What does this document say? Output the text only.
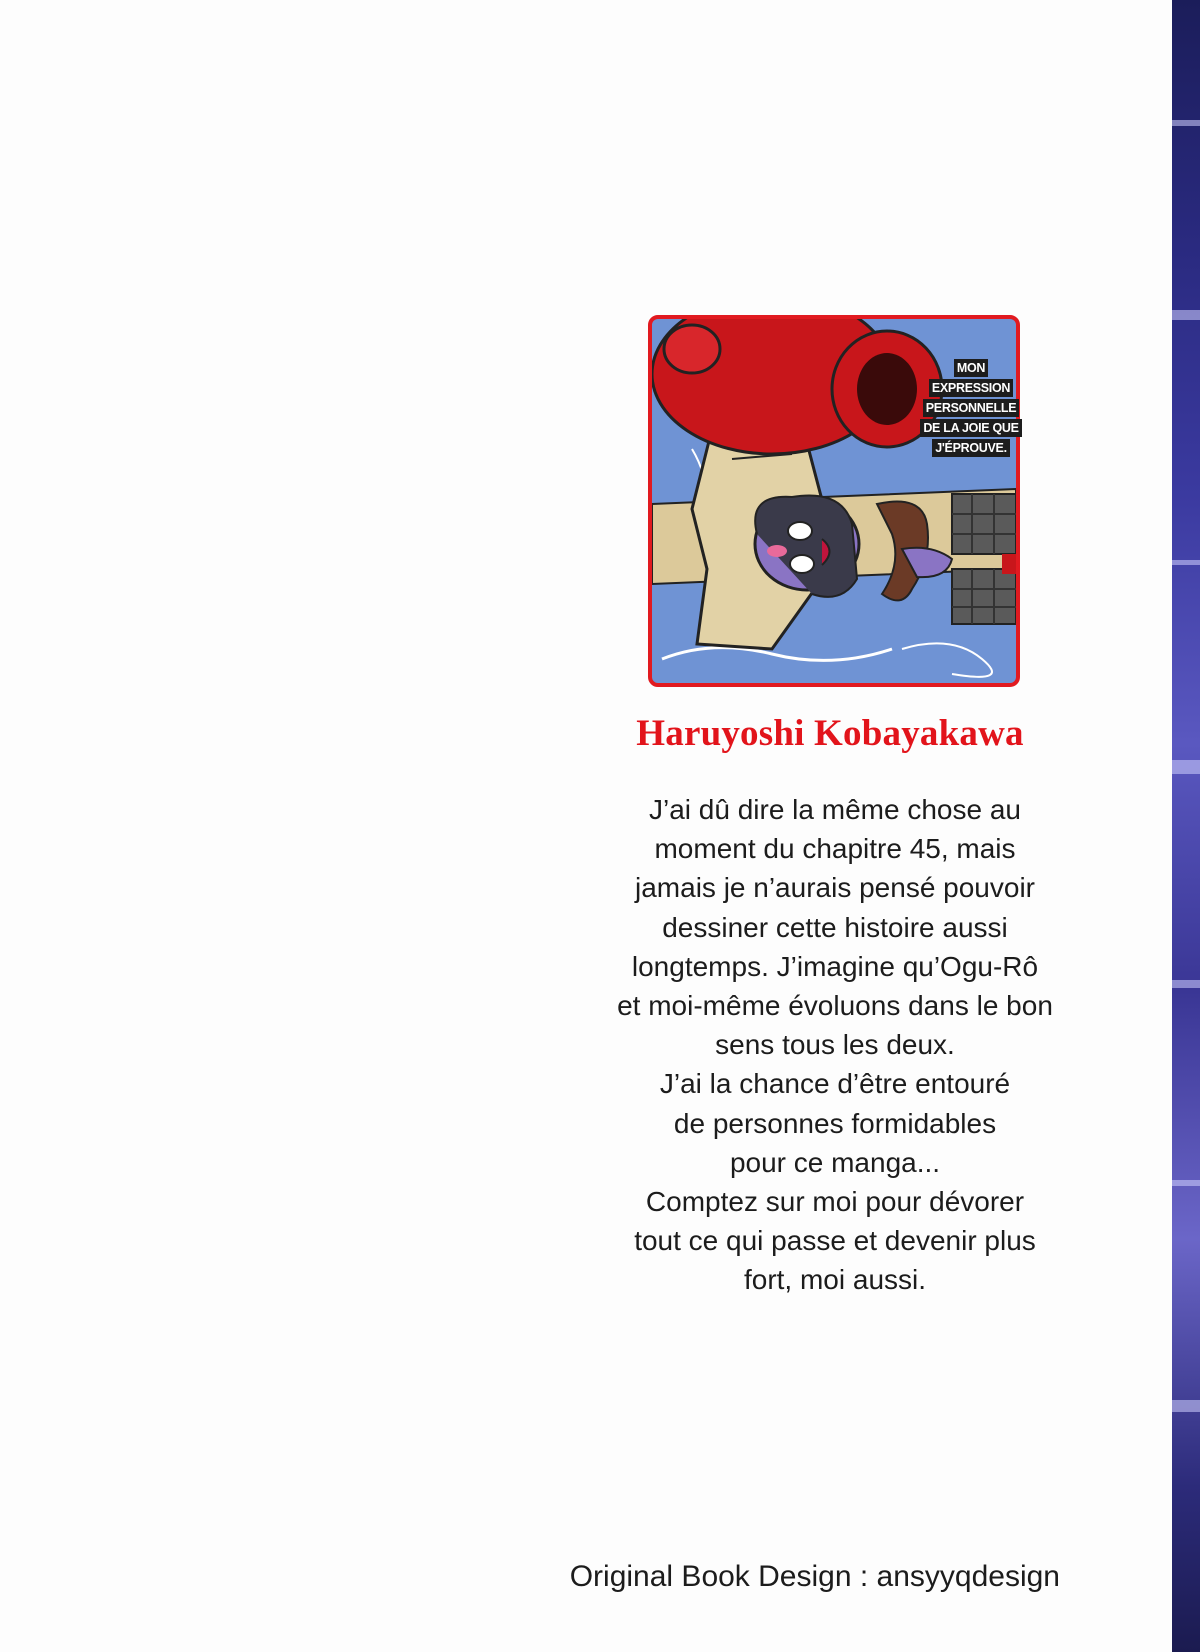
MON
EXPRESSION
PERSONNELLE
DE LA JOIE QUE
J'ÉPROUVE.
Haruyoshi Kobayakawa
J’ai dû dire la même chose au
moment du chapitre 45, mais
jamais je n’aurais pensé pouvoir
dessiner cette histoire aussi
longtemps. J’imagine qu’Ogu-Rô
et moi-même évoluons dans le bon
sens tous les deux.
J’ai la chance d’être entouré
de personnes formidables
pour ce manga...
Comptez sur moi pour dévorer
tout ce qui passe et devenir plus
fort, moi aussi.
Original Book Design : ansyyqdesign
